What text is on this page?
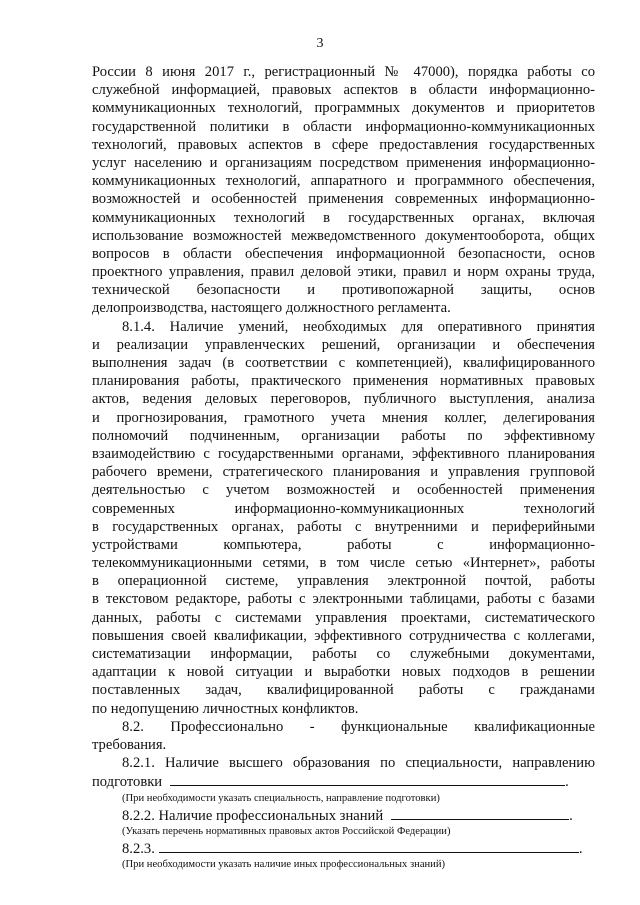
3
России 8 июня 2017 г., регистрационный № 47000), порядка работы со
служебной информацией, правовых аспектов в области информационно-
коммуникационных технологий, программных документов и приоритетов
государственной политики в области информационно-коммуникационных
технологий, правовых аспектов в сфере предоставления государственных
услуг населению и организациям посредством применения информационно-
коммуникационных технологий, аппаратного и программного обеспечения,
возможностей и особенностей применения современных информационно-
коммуникационных технологий в государственных органах, включая
использование возможностей межведомственного документооборота, общих
вопросов в области обеспечения информационной безопасности, основ
проектного управления, правил деловой этики, правил и норм охраны труда,
технической безопасности и противопожарной защиты, основ
делопроизводства, настоящего должностного регламента.
8.1.4. Наличие умений, необходимых для оперативного принятия
и реализации управленческих решений, организации и обеспечения
выполнения задач (в соответствии с компетенцией), квалифицированного
планирования работы, практического применения нормативных правовых
актов, ведения деловых переговоров, публичного выступления, анализа
и прогнозирования, грамотного учета мнения коллег, делегирования
полномочий подчиненным, организации работы по эффективному
взаимодействию с государственными органами, эффективного планирования
рабочего времени, стратегического планирования и управления групповой
деятельностью с учетом возможностей и особенностей применения
современных информационно-коммуникационных технологий
в государственных органах, работы с внутренними и периферийными
устройствами компьютера, работы с информационно-
телекоммуникационными сетями, в том числе сетью «Интернет», работы
в операционной системе, управления электронной почтой, работы
в текстовом редакторе, работы с электронными таблицами, работы с базами
данных, работы с системами управления проектами, систематического
повышения своей квалификации, эффективного сотрудничества с коллегами,
систематизации информации, работы со служебными документами,
адаптации к новой ситуации и выработки новых подходов в решении
поставленных задач, квалифицированной работы с гражданами
по недопущению личностных конфликтов.
8.2. Профессионально - функциональные квалификационные
требования.
8.2.1. Наличие высшего образования по специальности, направлению
подготовки	.
(При необходимости указать специальность, направление подготовки)
8.2.2. Наличие профессиональных знаний	.
(Указать перечень нормативных правовых актов Российской Федерации)
8.2.3.	.
(При необходимости указать наличие иных профессиональных знаний)
